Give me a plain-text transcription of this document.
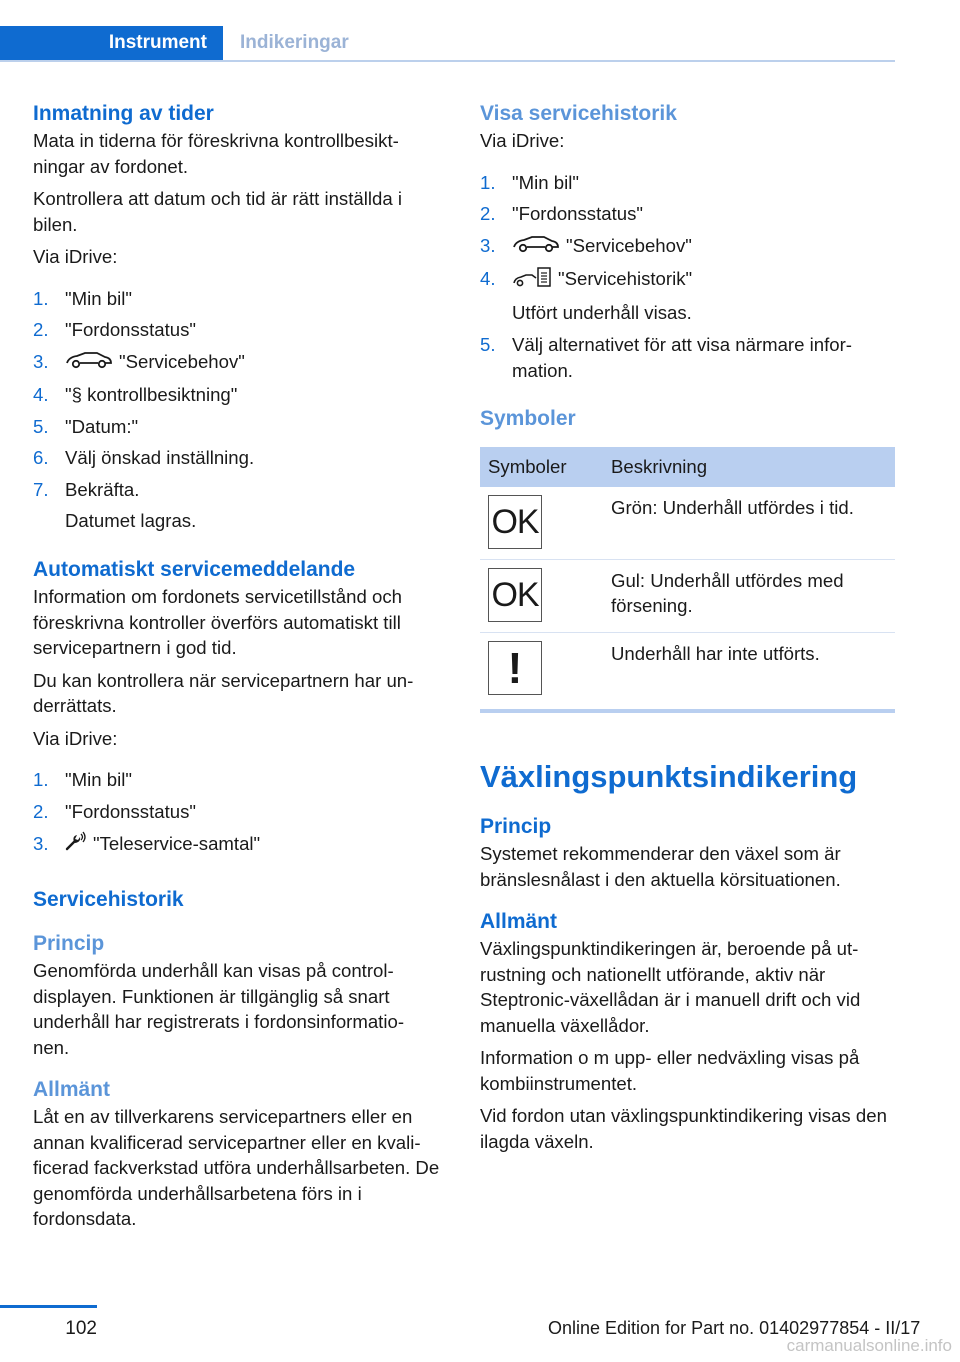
Instrument	Indikeringar
Inmatning av tider

Mata in tiderna för föreskrivna kontrollbesikt-ningar av fordonet.

Kontrollera att datum och tid är rätt inställda i bilen.

Via iDrive:

1. "Min bil"
2. "Fordonsstatus"
3.	"Servicebehov"
4. "§ kontrollbesiktning"
5. "Datum:"
6. Välj önskad inställning.
7. Bekräfta.
Datumet lagras.
Automatiskt servicemeddelande

Information om fordonets servicetillstånd och föreskrivna kontroller överförs automatiskt till servicepartnern i god tid.

Du kan kontrollera när servicepartnern har un-derrättats.

Via iDrive:

1. "Min bil"
2. "Fordonsstatus"
3. "Teleservice-samtal"
Servicehistorik
Princip

Genomförda underhåll kan visas på control-displayen. Funktionen är tillgänglig så snart underhåll har registrerats i fordonsinformatio-nen.

Allmänt

Låt en av tillverkarens servicepartners eller en annan kvalificerad servicepartner eller en kvali-ficerad fackverkstad utföra underhållsarbeten. De genomförda underhållsarbetena förs in i fordonsdata.

Visa servicehistorik

Via iDrive:

1. "Min bil"
2. "Fordonsstatus"
3.	"Servicebehov"
4.	"Servicehistorik"
Utfört underhåll visas.
5. Välj alternativet för att visa närmare infor-mation.
Symboler
Symboler	Beskrivning

OK	Grön: Underhåll utfördes i tid.

OK	Gul: Underhåll utfördes med försening.

!	Underhåll har inte utförts.
Växlingspunktsindikering
Princip

Systemet rekommenderar den växel som är bränslesnålast i den aktuella körsituationen.

Allmänt

Växlingspunktindikeringen är, beroende på ut-rustning och nationellt utförande, aktiv när Steptronic-växellådan är i manuell drift och vid manuella växellådor.

Information o m upp- eller nedväxling visas på kombiinstrumentet.

Vid fordon utan växlingspunktindikering visas den ilagda växeln.

102	Online Edition for Part no. 01402977854 - II/17
carmanualsonline.info
